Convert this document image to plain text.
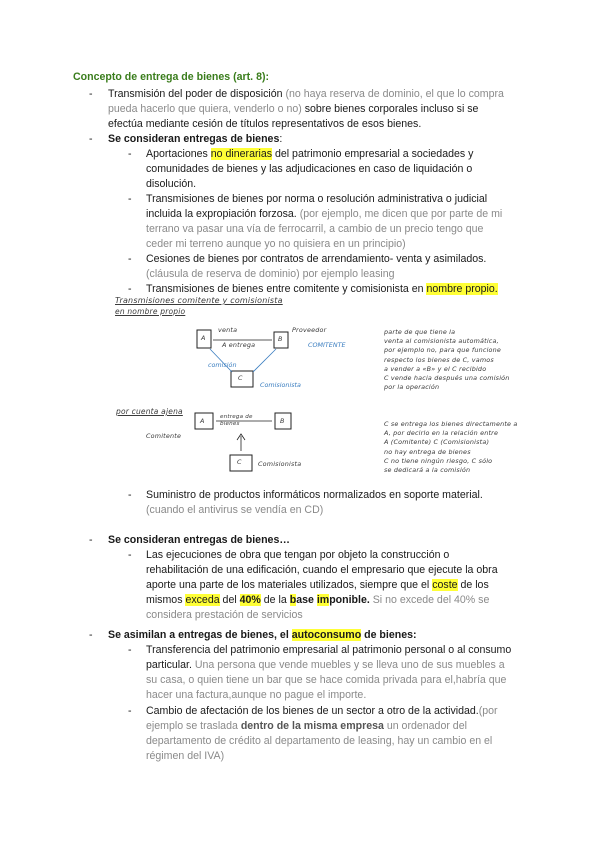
Concepto de entrega de bienes (art. 8):
- Transmisión del poder de disposición (no haya reserva de dominio, el que lo compra
pueda hacerlo que quiera, venderlo o no) sobre bienes corporales incluso si se
efectúa mediante cesión de títulos representativos de esos bienes.
- Se consideran entregas de bienes:
- Aportaciones no dinerarias del patrimonio empresarial a sociedades y
comunidades de bienes y las adjudicaciones en caso de liquidación o
disolución.
- Transmisiones de bienes por norma o resolución administrativa o judicial
incluida la expropiación forzosa. (por ejemplo, me dicen que por parte de mi
terrano va pasar una vía de ferrocarril, a cambio de un precio tengo que
ceder mi terreno aunque yo no quisiera en un principio)
- Cesiones de bienes por contratos de arrendamiento- venta y asimilados.
(cláusula de reserva de dominio) por ejemplo leasing
- Transmisiones de bienes entre comitente y comisionista en nombre propio.
Transmisiones comitente y comisionista
en nombre propio
A	B
C
venta
A entrega
comisión
Proveedor
COMITENTE
Comisionista
parte de que tiene la
venta al comisionista automática,
por ejemplo no, para que funcione
respecto los bienes de C, vamos
a vender a «B» y el C recibido
C vende hacia después una comisión
por la operación
por cuenta ajena
A	B
C
entrega de bienes
Comitente
Comisionista
C se entrega los bienes directamente a
A, por decirlo en la relación entre
A (Comitente) C (Comisionista)
no hay entrega de bienes
C no tiene ningún riesgo, C sólo
se dedicará a la comisión
- Suministro de productos informáticos normalizados en soporte material.
(cuando el antivirus se vendía en CD)
- Se consideran entregas de bienes…
- Las ejecuciones de obra que tengan por objeto la construcción o
rehabilitación de una edificación, cuando el empresario que ejecute la obra
aporte una parte de los materiales utilizados, siempre que el coste de los
mismos exceda del 40% de la base imponible. Si no excede del 40% se
considera prestación de servicios
- Se asimilan a entregas de bienes, el autoconsumo de bienes:
- Transferencia del patrimonio empresarial al patrimonio personal o al consumo
particular. Una persona que vende muebles y se lleva uno de sus muebles a
su casa, o quien tiene un bar que se hace comida privada para el,habría que
hacer una factura,aunque no pague el importe.
- Cambio de afectación de los bienes de un sector a otro de la actividad.(por
ejemplo se traslada dentro de la misma empresa un ordenador del
departamento de crédito al departamento de leasing, hay un cambio en el
régimen del IVA)
